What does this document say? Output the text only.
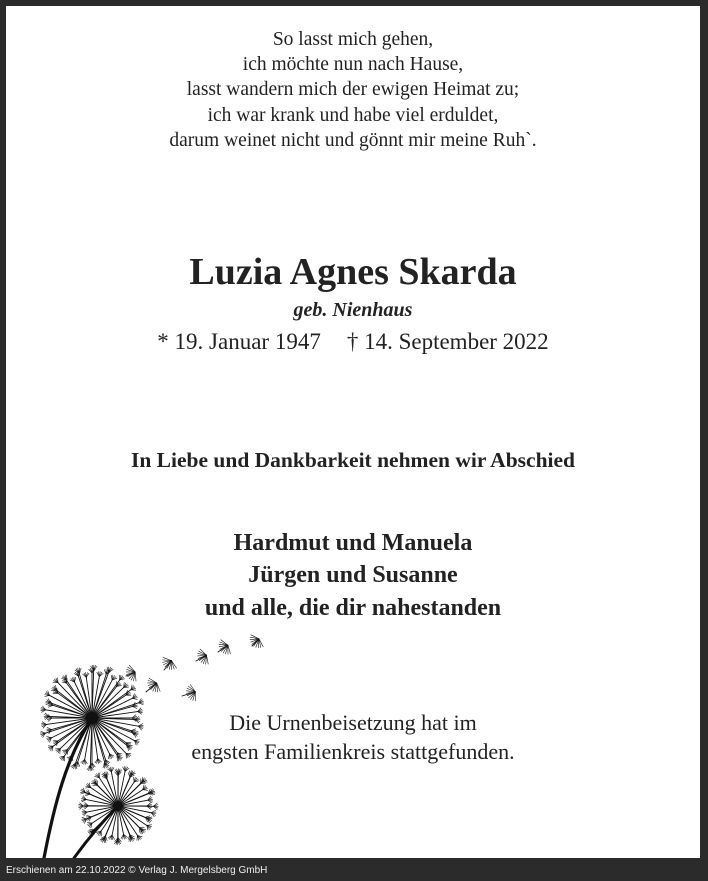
So lasst mich gehen,
ich möchte nun nach Hause,
lasst wandern mich der ewigen Heimat zu;
ich war krank und habe viel erduldet,
darum weinet nicht und gönnt mir meine Ruh`.
Luzia Agnes Skarda
geb. Nienhaus
* 19. Januar 1947 † 14. September 2022
In Liebe und Dankbarkeit nehmen wir Abschied
Hardmut und Manuela
Jürgen und Susanne
und alle, die dir nahestanden
Die Urnenbeisetzung hat im
engsten Familienkreis stattgefunden.
Erschienen am 22.10.2022 © Verlag J. Mergelsberg GmbH
